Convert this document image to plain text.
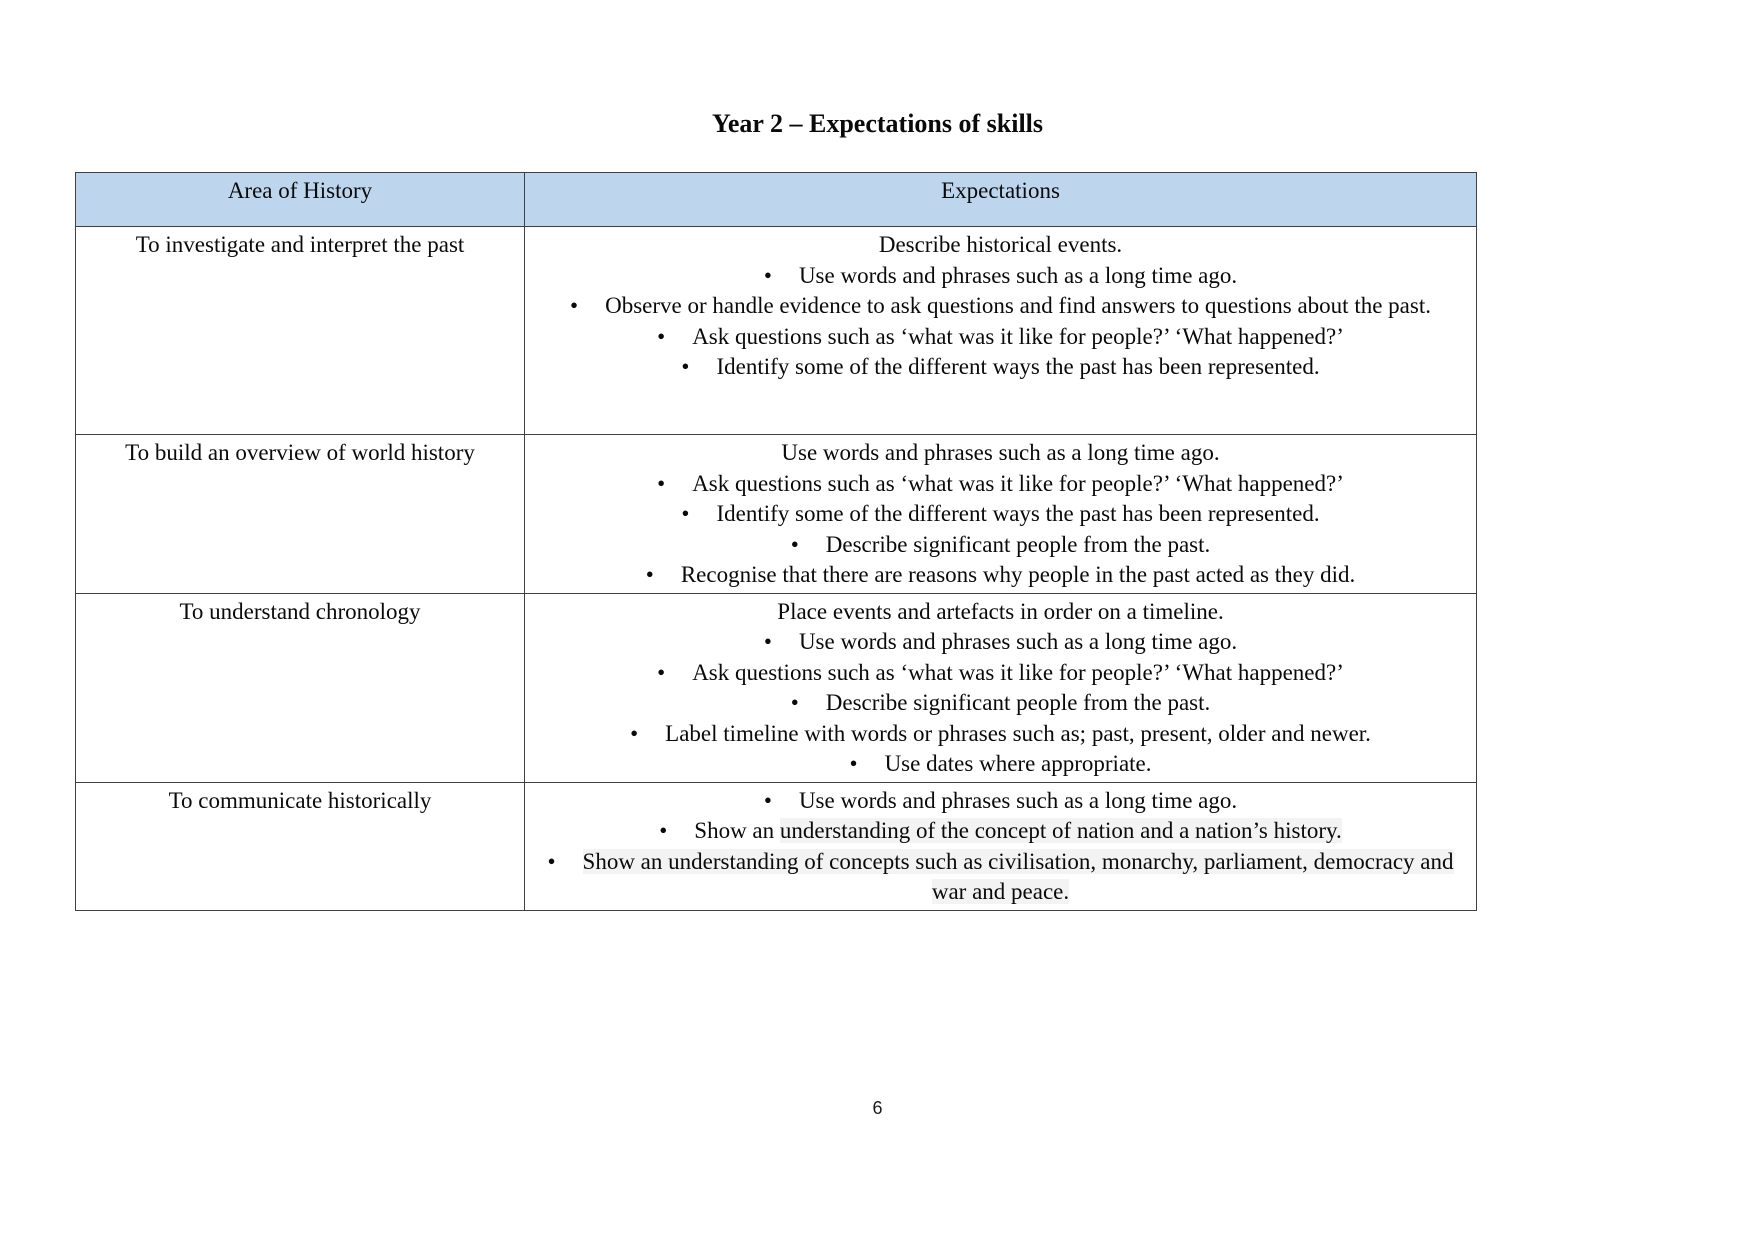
Year 2 – Expectations of skills
Area of History	Expectations
To investigate and interpret the past	Describe historical events.
• Use words and phrases such as a long time ago.
• Observe or handle evidence to ask questions and find answers to questions about the past.
• Ask questions such as ‘what was it like for people?’ ‘What happened?’
• Identify some of the different ways the past has been represented.

To build an overview of world history	Use words and phrases such as a long time ago.
• Ask questions such as ‘what was it like for people?’ ‘What happened?’
• Identify some of the different ways the past has been represented.
• Describe significant people from the past.
• Recognise that there are reasons why people in the past acted as they did.

To understand chronology	Place events and artefacts in order on a timeline.
• Use words and phrases such as a long time ago.
• Ask questions such as ‘what was it like for people?’ ‘What happened?’
• Describe significant people from the past.
• Label timeline with words or phrases such as; past, present, older and newer.
• Use dates where appropriate.

To communicate historically	• Use words and phrases such as a long time ago.
• Show an understanding of the concept of nation and a nation’s history.
• Show an understanding of concepts such as civilisation, monarchy, parliament, democracy and war and peace.
6
